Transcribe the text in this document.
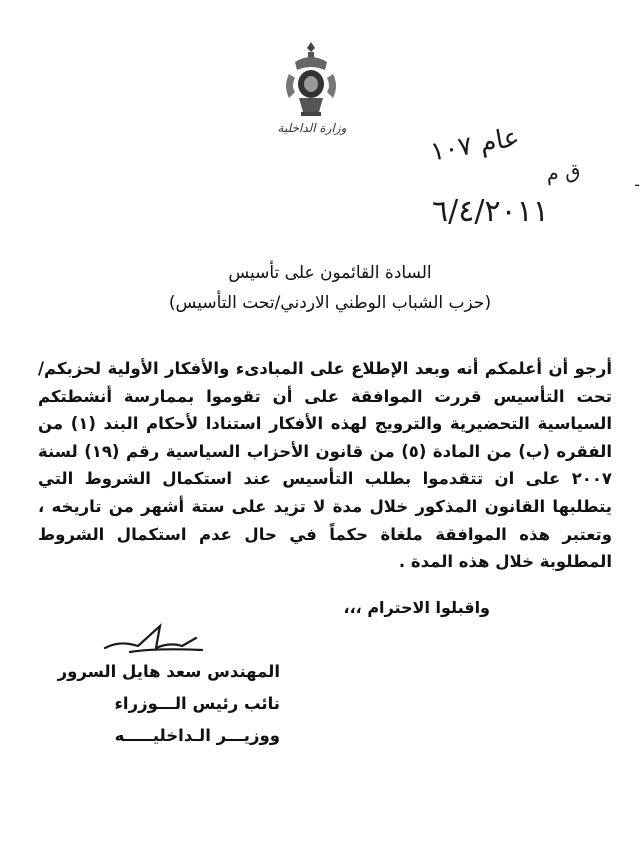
وزارة الداخلية
عام ١٠٧
ق م
٦/٤/٢٠١١
-
السادة القائمون على تأسيس
(حزب الشباب الوطني الاردني/تحت التأسيس)

أرجو أن أعلمكم أنه وبعد الإطلاع على المبادىء والأفكار الأولية لحزبكم/ تحت التأسيس قررت الموافقة على أن تقوموا بممارسة أنشطتكم السياسية التحضيرية والترويج لهذه الأفكار استنادا لأحكام البند (١) من الفقره (ب) من المادة (٥) من قانون الأحزاب السياسية رقم (١٩) لسنة ٢٠٠٧ على ان تتقدموا بطلب التأسيس عند استكمال الشروط التي يتطلبها القانون المذكور خلال مدة لا تزيد على ستة أشهر من تاريخه ، وتعتبر هذه الموافقة ملغاة حكماً في حال عدم استكمال الشروط المطلوبة خلال هذه المدة .

واقبلوا الاحترام ،،،
المهندس سعد هايل السرور
نائب رئيس الـــوزراء
ووزيـــر الـداخليـــــه
